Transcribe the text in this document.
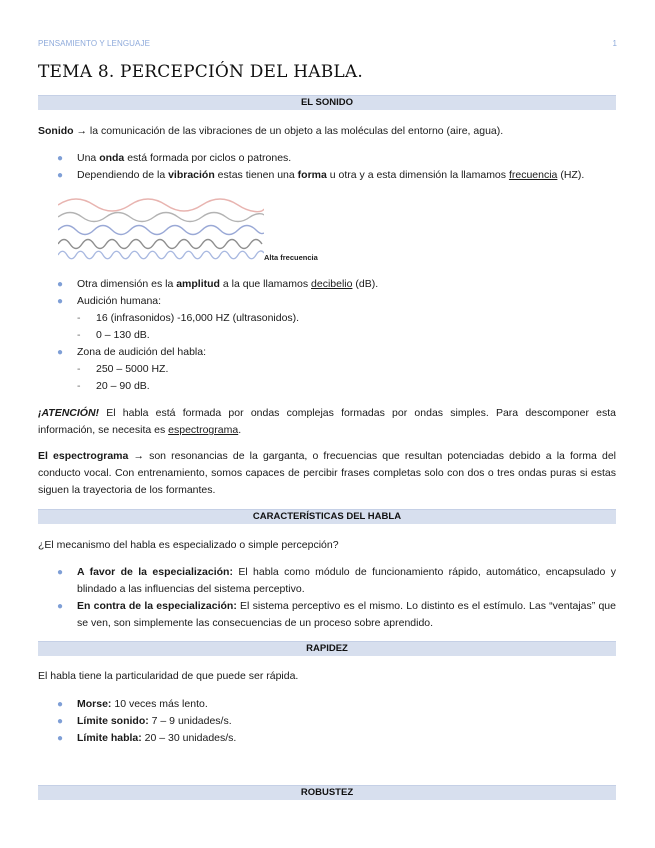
PENSAMIENTO Y LENGUAJE	1
TEMA 8. PERCEPCIÓN DEL HABLA.
EL SONIDO
Sonido → la comunicación de las vibraciones de un objeto a las moléculas del entorno (aire, agua).
● Una onda está formada por ciclos o patrones.
● Dependiendo de la vibración estas tienen una forma u otra y a esta dimensión la llamamos frecuencia (HZ).
Alta frecuencia
● Otra dimensión es la amplitud a la que llamamos decibelio (dB).
● Audición humana:
- 16 (infrasonidos) -16,000 HZ (ultrasonidos).
- 0 – 130 dB.
● Zona de audición del habla:
- 250 – 5000 HZ.
- 20 – 90 dB.
¡ATENCIÓN! El habla está formada por ondas complejas formadas por ondas simples. Para descomponer esta información, se necesita es espectrograma.
El espectrograma → son resonancias de la garganta, o frecuencias que resultan potenciadas debido a la forma del conducto vocal. Con entrenamiento, somos capaces de percibir frases completas solo con dos o tres ondas puras si estas siguen la trayectoria de los formantes.
CARACTERÍSTICAS DEL HABLA
¿El mecanismo del habla es especializado o simple percepción?
● A favor de la especialización: El habla como módulo de funcionamiento rápido, automático, encapsulado y blindado a las influencias del sistema perceptivo.
● En contra de la especialización: El sistema perceptivo es el mismo. Lo distinto es el estímulo. Las “ventajas” que se ven, son simplemente las consecuencias de un proceso sobre aprendido.
RAPIDEZ
El habla tiene la particularidad de que puede ser rápida.
● Morse: 10 veces más lento.
● Límite sonido: 7 – 9 unidades/s.
● Límite habla: 20 – 30 unidades/s.
ROBUSTEZ
